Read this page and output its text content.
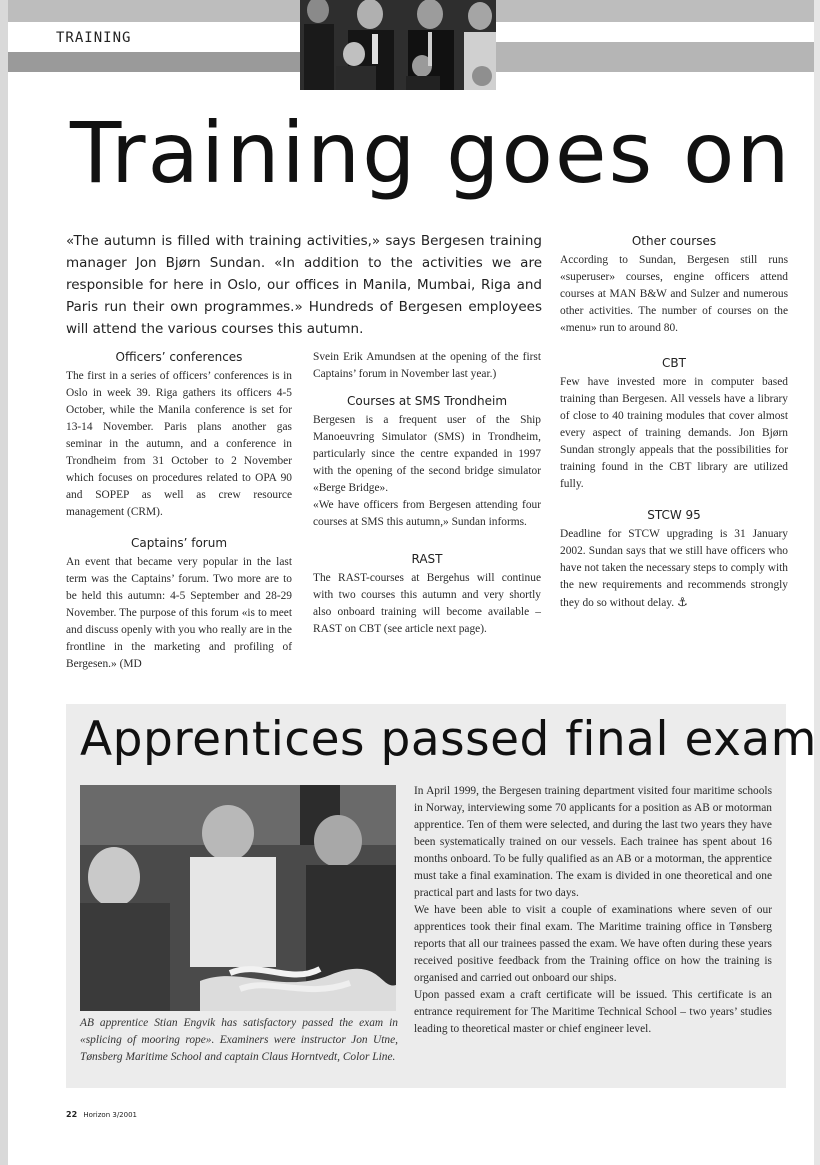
TRAINING
Training goes on
«The autumn is filled with training activities,» says Bergesen training manager Jon Bjørn Sundan. «In addition to the activities we are responsible for here in Oslo, our offices in Manila, Mumbai, Riga and Paris run their own programmes.» Hundreds of Bergesen employees will attend the various courses this autumn.
Officers’ conferences

The first in a series of officers’ conferences is in Oslo in week 39. Riga gathers its officers 4-5 October, while the Manila conference is set for 13-14 November. Paris plans another gas seminar in the autumn, and a conference in Trondheim from 31 October to 2 November which focuses on procedures related to OPA 90 and SOPEP as well as crew resource management (CRM).

Captains’ forum

An event that became very popular in the last term was the Captains’ forum. Two more are to be held this autumn: 4-5 September and 28-29 November. The purpose of this forum «is to meet and discuss openly with you who really are in the frontline in the marketing and profiling of Bergesen.» (MD

Svein Erik Amundsen at the opening of the first Captains’ forum in November last year.)

Courses at SMS Trondheim

Bergesen is a frequent user of the Ship Manoeuvring Simulator (SMS) in Trondheim, particularly since the centre expanded in 1997 with the opening of the second bridge simulator «Berge Bridge».

«We have officers from Bergesen attending four courses at SMS this autumn,» Sundan informs.

RAST

The RAST-courses at Bergehus will continue with two courses this autumn and very shortly also onboard training will become available – RAST on CBT (see article next page).

Other courses

According to Sundan, Bergesen still runs «superuser» courses, engine officers attend courses at MAN B&W and Sulzer and numerous other activities. The number of courses on the «menu» run to around 80.

CBT

Few have invested more in computer based training than Bergesen. All vessels have a library of close to 40 training modules that cover almost every aspect of training demands. Jon Bjørn Sundan strongly appeals that the possibilities for training found in the CBT library are utilized fully.

STCW 95

Deadline for STCW upgrading is 31 January 2002. Sundan says that we still have officers who have not taken the necessary steps to comply with the new requirements and recommends strongly they do so without delay. ⚓

Apprentices passed final exam
AB apprentice Stian Engvik has satisfactory passed the exam in «splicing of mooring rope». Examiners were instructor Jon Utne, Tønsberg Maritime School and captain Claus Horntvedt, Color Line.

In April 1999, the Bergesen training department visited four maritime schools in Norway, interviewing some 70 applicants for a position as AB or motorman apprentice. Ten of them were selected, and during the last two years they have been systematically trained on our vessels. Each trainee has spent about 16 months onboard. To be fully qualified as an AB or a motorman, the apprentice must take a final examination. The exam is divided in one theoretical and one practical part and lasts for two days.

We have been able to visit a couple of examinations where seven of our apprentices took their final exam. The Maritime training office in Tønsberg reports that all our trainees passed the exam. We have often during these years received positive feedback from the Training office on how the training is organised and carried out onboard our ships.

Upon passed exam a craft certificate will be issued. This certificate is an entrance requirement for The Maritime Technical School – two years’ studies leading to theoretical master or chief engineer level.

22 Horizon 3/2001
